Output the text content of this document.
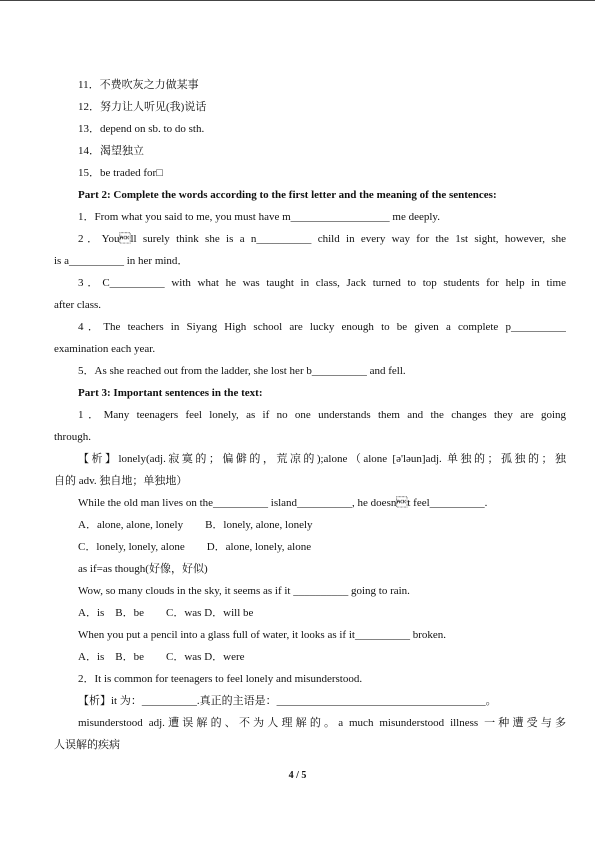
11．不费吹灰之力做某事
12．努力让人听见(我)说话
13．depend on sb. to do sth.
14．渴望独立
15．be traded for□
Part 2: Complete the words according to the first letter and the meaning of the sentences:
1．From what you said to me, you must have m__________________ me deeply.
2．Youll surely think she is a n__________ child in every way for the 1st sight, however, she
is a__________ in her mind．
3．C__________ with what he was taught in class, Jack turned to top students for help in time
after class.
4．The teachers in Siyang High school are lucky enough to be given a complete p__________
examination each year.
5．As she reached out from the ladder, she lost her b__________ and fell.
Part 3: Important sentences in the text:
1．Many teenagers feel lonely, as if no one understands them and the changes they are going
through.
【析】lonely(adj.寂寞的；偏僻的，荒凉的);alone（alone [ə'ləun]adj. 单独的；孤独的；独
自的 adv. 独自地；单独地）
While the old man lives on the__________ island__________, he doesnt feel__________.
A．alone, alone, lonely　　B．lonely, alone, lonely
C．lonely, lonely, alone　　D．alone, lonely, alone
as if=as though(好像，好似)
Wow, so many clouds in the sky, it seems as if it __________ going to rain.
A．is　B．be　　C．was D．will be
When you put a pencil into a glass full of water, it looks as if it__________ broken.
A．is　B．be　　C．was D．were
2．It is common for teenagers to feel lonely and misunderstood.
【析】it 为：__________.真正的主语是：______________________________________。
misunderstood adj.遭误解的、不为人理解的。a much misunderstood illness 一种遭受与多
人误解的疾病
4 / 5
